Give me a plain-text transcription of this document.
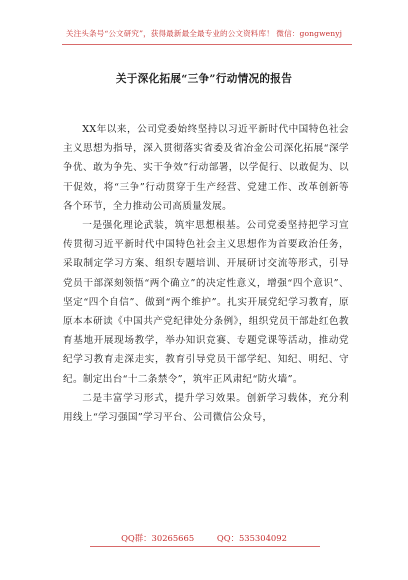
关注头条号“公文研究”，获得最新最全最专业的公文资料库！ 微信：gongwenyj
关于深化拓展“三争”行动情况的报告

XX年以来，公司党委始终坚持以习近平新时代中国特色社会主义思想为指导，深入贯彻落实省委及省冶金公司深化拓展“深学争优、敢为争先、实干争效”行动部署，以学促行、以敢促为、以干促效，将“三争”行动贯穿于生产经营、党建工作、改革创新等各个环节，全力推动公司高质量发展。

一是强化理论武装，筑牢思想根基。公司党委坚持把学习宣传贯彻习近平新时代中国特色社会主义思想作为首要政治任务，采取制定学习方案、组织专题培训、开展研讨交流等形式，引导党员干部深刻领悟“两个确立”的决定性意义，增强“四个意识”、坚定“四个自信”、做到“两个维护”。扎实开展党纪学习教育，原原本本研读《中国共产党纪律处分条例》，组织党员干部赴红色教育基地开展现场教学，举办知识竞赛、专题党课等活动，推动党纪学习教育走深走实，教育引导党员干部学纪、知纪、明纪、守纪。制定出台“十二条禁令”，筑牢正风肃纪“防火墙”。

二是丰富学习形式，提升学习效果。创新学习载体，充分利用线上“学习强国”学习平台、公司微信公众号，

QQ群：30265665	QQ：535304092
